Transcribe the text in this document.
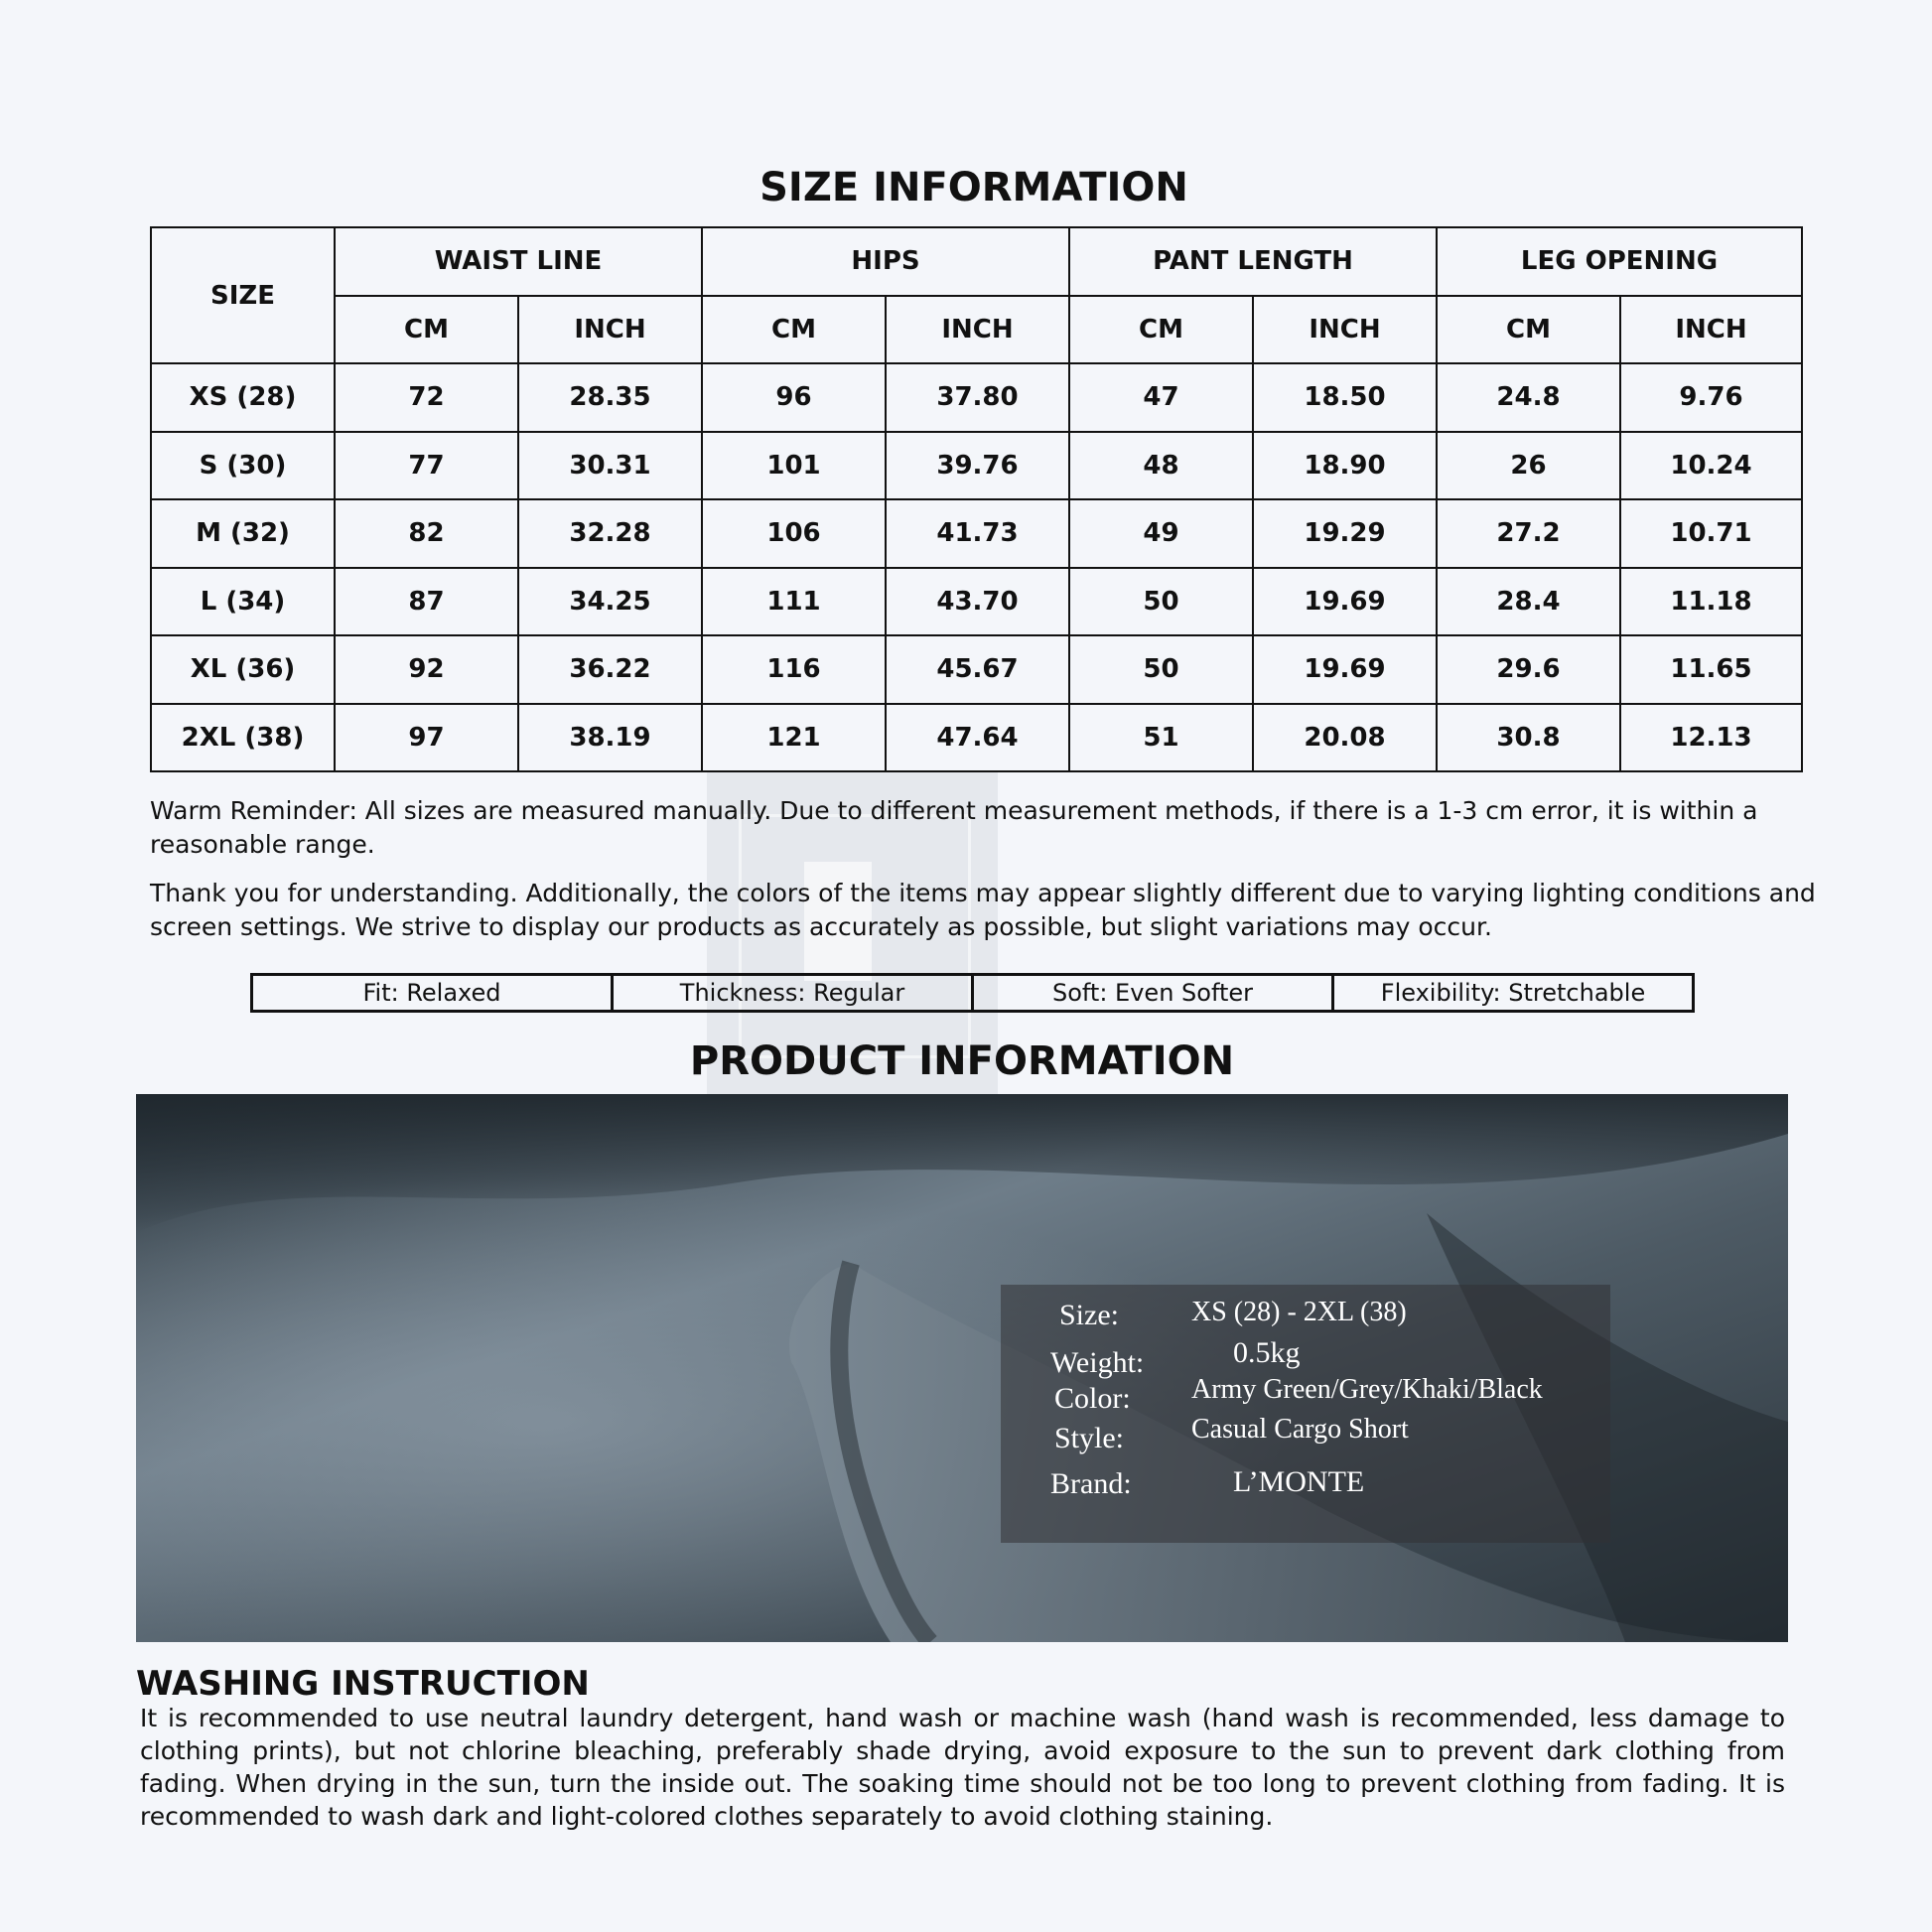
SIZE INFORMATION
SIZE	WAIST LINE		HIPS		PANT LENGTH		LEG OPENING	
	CM	INCH	CM	INCH	CM	INCH	CM	INCH
XS (28)	72	28.35	96	37.80	47	18.50	24.8	9.76
S (30)	77	30.31	101	39.76	48	18.90	26	10.24
M (32)	82	32.28	106	41.73	49	19.29	27.2	10.71
L (34)	87	34.25	111	43.70	50	19.69	28.4	11.18
XL (36)	92	36.22	116	45.67	50	19.69	29.6	11.65
2XL (38)	97	38.19	121	47.64	51	20.08	30.8	12.13
Warm Reminder: All sizes are measured manually. Due to different measurement methods, if there is a 1-3 cm error, it is within a reasonable range.
Thank you for understanding. Additionally, the colors of the items may appear slightly different due to varying lighting conditions and screen settings. We strive to display our products as accurately as possible, but slight variations may occur.
Fit: Relaxed	Thickness: Regular	Soft: Even Softer	Flexibility: Stretchable
PRODUCT INFORMATION
Size:	XS (28) - 2XL (38)
Weight:	0.5kg
Color: Army Green/Grey/Khaki/Black
Style: Casual Cargo Short
Brand:	L’MONTE
WASHING INSTRUCTION
It is recommended to use neutral laundry detergent, hand wash or machine wash (hand wash is recommended, less damage to clothing prints), but not chlorine bleaching, preferably shade drying, avoid exposure to the sun to prevent dark clothing from fading. When drying in the sun, turn the inside out. The soaking time should not be too long to prevent clothing from fading. It is recommended to wash dark and light-colored clothes separately to avoid clothing staining.
